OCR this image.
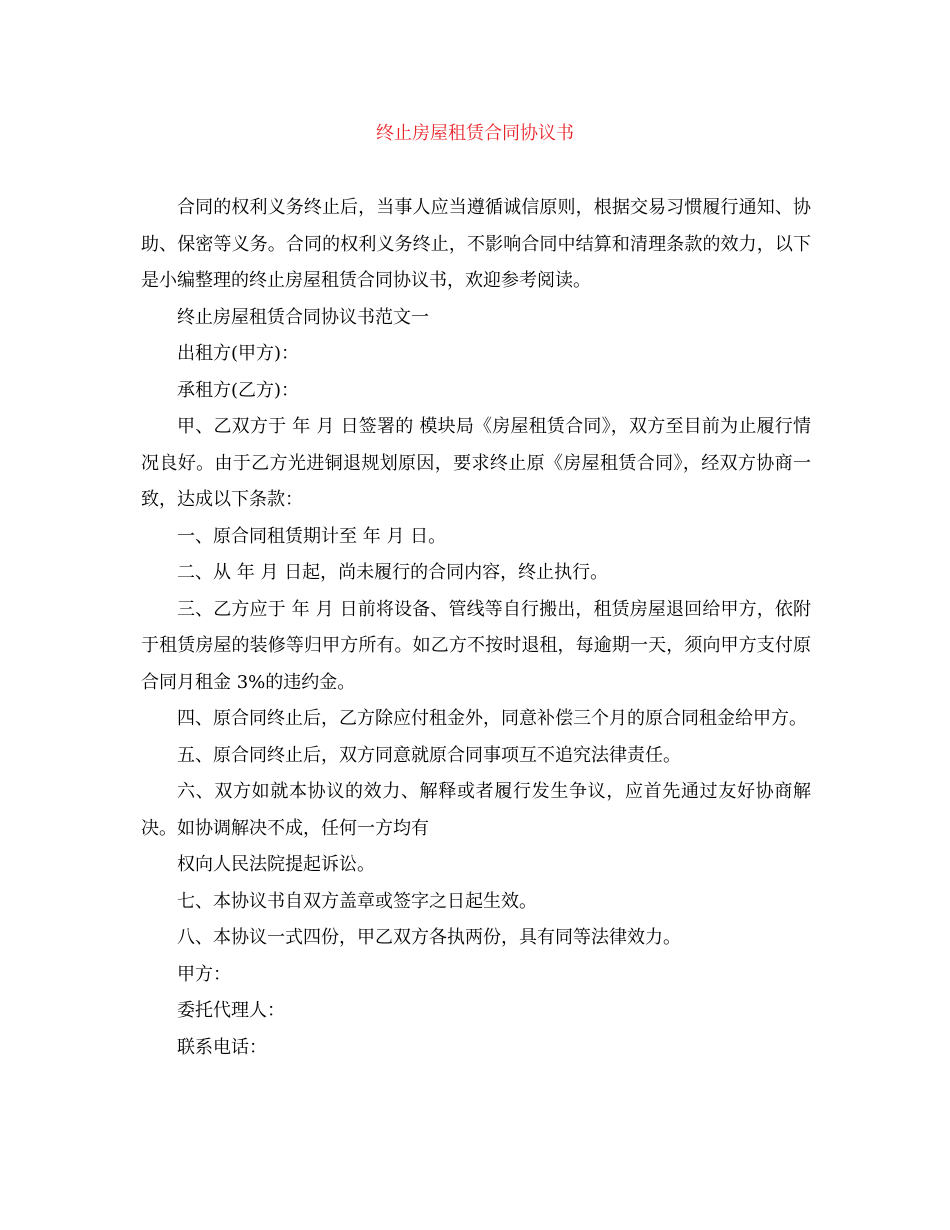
终止房屋租赁合同协议书

合同的权利义务终止后，当事人应当遵循诚信原则，根据交易习惯履行通知、协助、保密等义务。合同的权利义务终止，不影响合同中结算和清理条款的效力，以下是小编整理的终止房屋租赁合同协议书，欢迎参考阅读。

终止房屋租赁合同协议书范文一

出租方(甲方)：

承租方(乙方)：

甲、乙双方于 年 月 日签署的 模块局《房屋租赁合同》，双方至目前为止履行情况良好。由于乙方光进铜退规划原因，要求终止原《房屋租赁合同》，经双方协商一致，达成以下条款：

一、原合同租赁期计至 年 月 日。

二、从 年 月 日起，尚未履行的合同内容，终止执行。

三、乙方应于 年 月 日前将设备、管线等自行搬出，租赁房屋退回给甲方，依附于租赁房屋的装修等归甲方所有。如乙方不按时退租，每逾期一天，须向甲方支付原合同月租金 3%的违约金。

四、原合同终止后，乙方除应付租金外，同意补偿三个月的原合同租金给甲方。

五、原合同终止后，双方同意就原合同事项互不追究法律责任。

六、双方如就本协议的效力、解释或者履行发生争议，应首先通过友好协商解决。如协调解决不成，任何一方均有

权向人民法院提起诉讼。

七、本协议书自双方盖章或签字之日起生效。

八、本协议一式四份，甲乙双方各执两份，具有同等法律效力。

甲方：

委托代理人：

联系电话：
